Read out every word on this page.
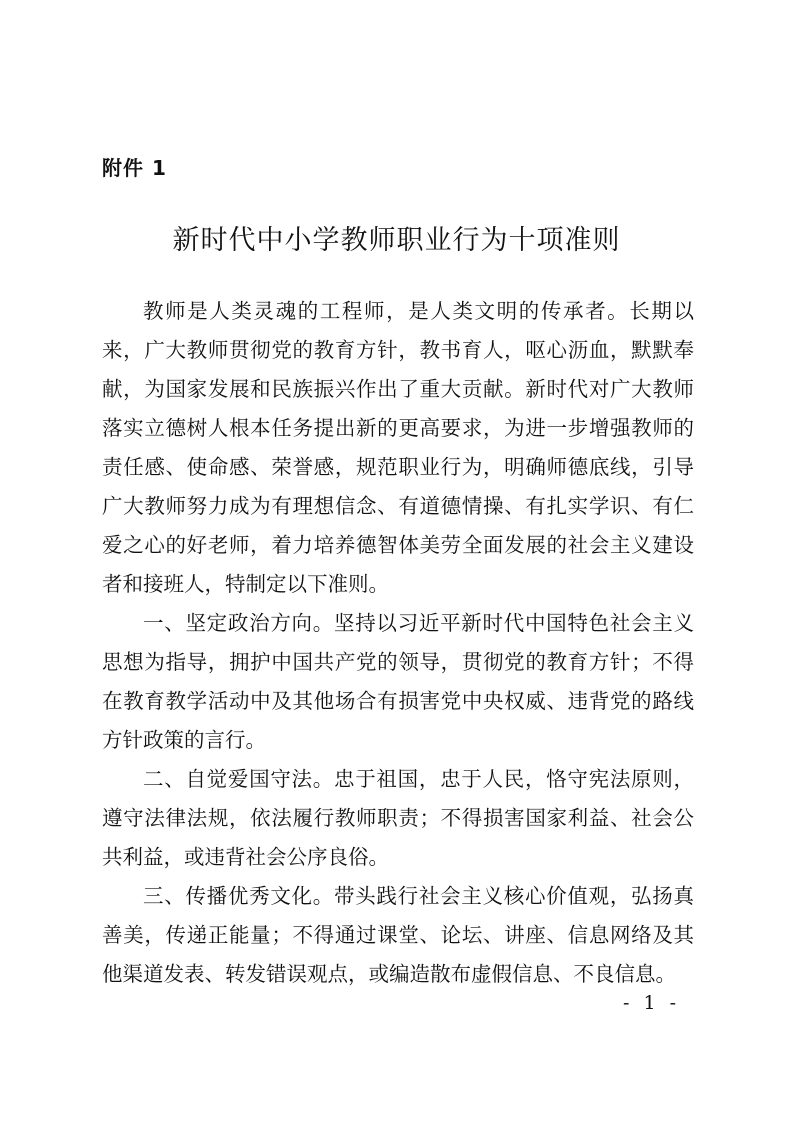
附件 1
新时代中小学教师职业行为十项准则

教师是人类灵魂的工程师，是人类文明的传承者。长期以来，广大教师贯彻党的教育方针，教书育人，呕心沥血，默默奉献，为国家发展和民族振兴作出了重大贡献。新时代对广大教师落实立德树人根本任务提出新的更高要求，为进一步增强教师的责任感、使命感、荣誉感，规范职业行为，明确师德底线，引导广大教师努力成为有理想信念、有道德情操、有扎实学识、有仁爱之心的好老师，着力培养德智体美劳全面发展的社会主义建设者和接班人，特制定以下准则。

一、坚定政治方向。坚持以习近平新时代中国特色社会主义思想为指导，拥护中国共产党的领导，贯彻党的教育方针；不得在教育教学活动中及其他场合有损害党中央权威、违背党的路线方针政策的言行。

二、自觉爱国守法。忠于祖国，忠于人民，恪守宪法原则，遵守法律法规，依法履行教师职责；不得损害国家利益、社会公共利益，或违背社会公序良俗。

三、传播优秀文化。带头践行社会主义核心价值观，弘扬真善美，传递正能量；不得通过课堂、论坛、讲座、信息网络及其他渠道发表、转发错误观点，或编造散布虚假信息、不良信息。

- 1 -
